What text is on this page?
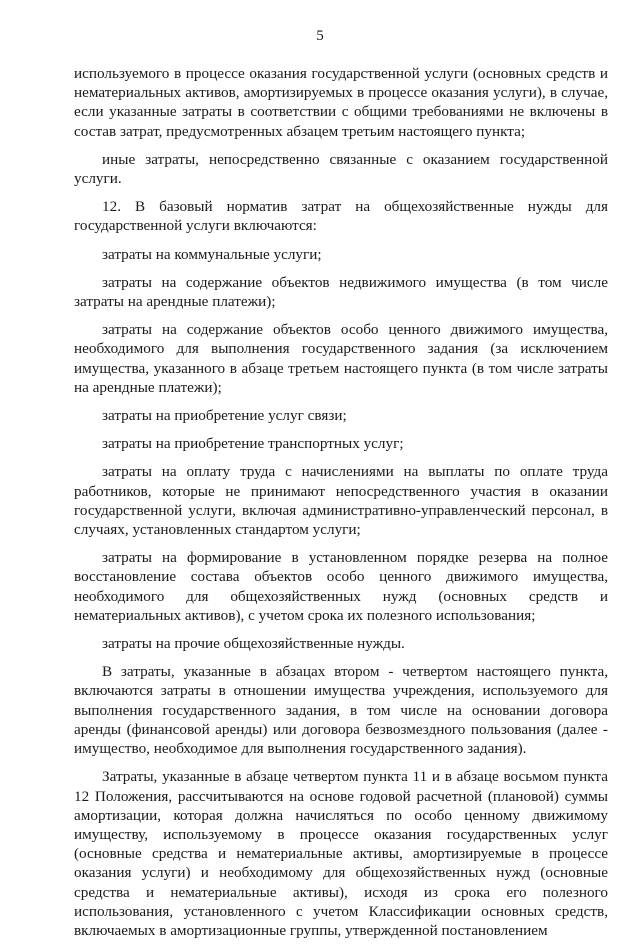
5

используемого в процессе оказания государственной услуги (основных средств и нематериальных активов, амортизируемых в процессе оказания услуги), в случае, если указанные затраты в соответствии с общими требованиями не включены в состав затрат, предусмотренных абзацем третьим настоящего пункта;

иные затраты, непосредственно связанные с оказанием государственной услуги.

12. В базовый норматив затрат на общехозяйственные нужды для государственной услуги включаются:

затраты на коммунальные услуги;

затраты на содержание объектов недвижимого имущества (в том числе затраты на арендные платежи);

затраты на содержание объектов особо ценного движимого имущества, необходимого для выполнения государственного задания (за исключением имущества, указанного в абзаце третьем настоящего пункта (в том числе затраты на арендные платежи);

затраты на приобретение услуг связи;

затраты на приобретение транспортных услуг;

затраты на оплату труда с начислениями на выплаты по оплате труда работников, которые не принимают непосредственного участия в оказании государственной услуги, включая административно-управленческий персонал, в случаях, установленных стандартом услуги;

затраты на формирование в установленном порядке резерва на полное восстановление состава объектов особо ценного движимого имущества, необходимого для общехозяйственных нужд (основных средств и нематериальных активов), с учетом срока их полезного использования;

затраты на прочие общехозяйственные нужды.

В затраты, указанные в абзацах втором - четвертом настоящего пункта, включаются затраты в отношении имущества учреждения, используемого для выполнения государственного задания, в том числе на основании договора аренды (финансовой аренды) или договора безвозмездного пользования (далее - имущество, необходимое для выполнения государственного задания).

Затраты, указанные в абзаце четвертом пункта 11 и в абзаце восьмом пункта 12 Положения, рассчитываются на основе годовой расчетной (плановой) суммы амортизации, которая должна начисляться по особо ценному движимому имуществу, используемому в процессе оказания государственных услуг (основные средства и нематериальные активы, амортизируемые в процессе оказания услуги) и необходимому для общехозяйственных нужд (основные средства и нематериальные активы), исходя из срока его полезного использования, установленного с учетом Классификации основных средств, включаемых в амортизационные группы, утвержденной постановлением
